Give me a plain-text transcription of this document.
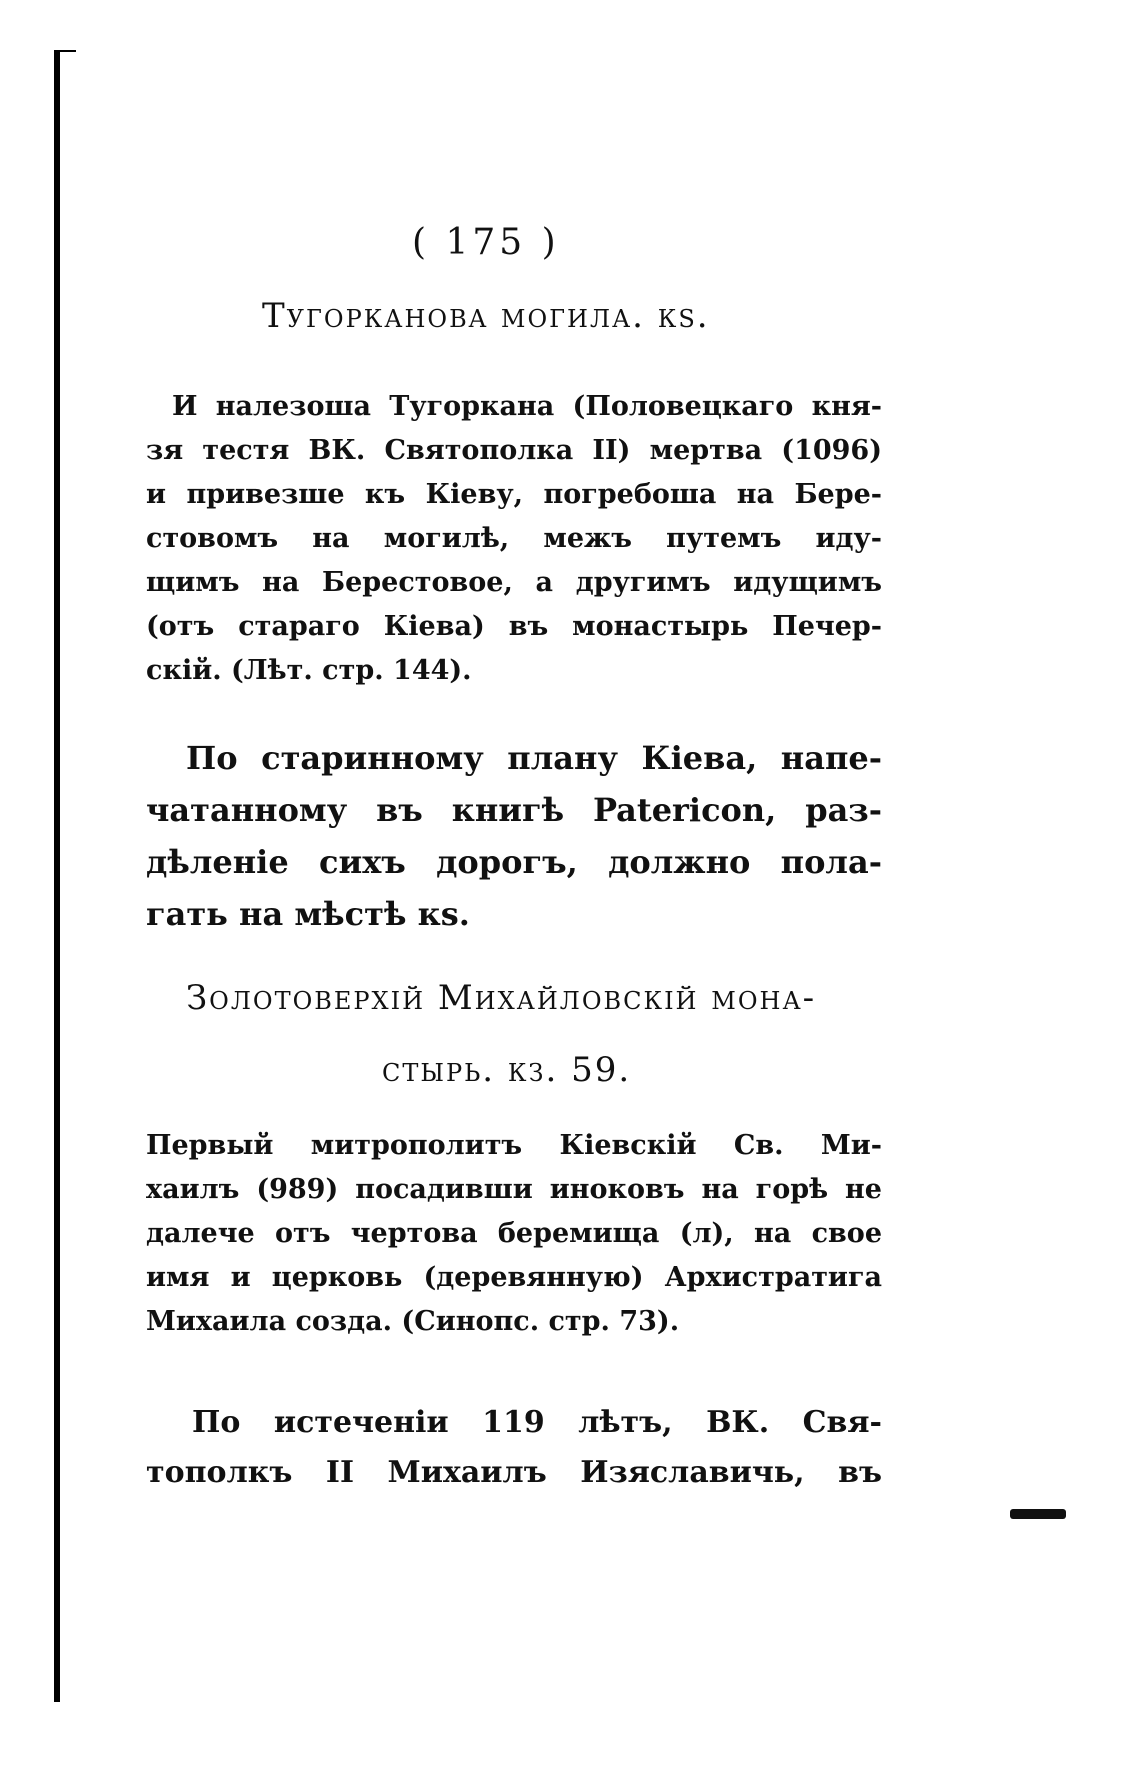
( 175 )
Тугоркановa могила. кѕ.

И налезоша Тугоркана (Половецкаго кня-
зя тестя ВК. Святополка II) мертва (1096)
и привезше къ Кіеву, погребоша на Бере-
стовомъ на могилѣ, межъ путемъ иду-
щимъ на Берестовое, а другимъ идущимъ
(отъ стараго Кіева) въ монастырь Печер-
скій. (Лѣт. стр. 144).

По старинному плану Кіева, напе-
чатанному въ книгѣ Patericon, раз-
дѣленіе сихъ дорогъ, должно пола-
гать на мѣстѣ кѕ.

Золотоверхій Михайловскій мона-
стырь. кз. 59.

Первый митрополитъ Кіевскій Св. Ми-
хаилъ (989) посадивши иноковъ на горѣ не
далече отъ чертова беремища (л), на свое
имя и церковь (деревянную) Архистратига
Михаила созда. (Синопс. стр. 73).

По истеченіи 119 лѣтъ, ВК. Свя-
тополкъ II Михаилъ Изяславичь, въ
